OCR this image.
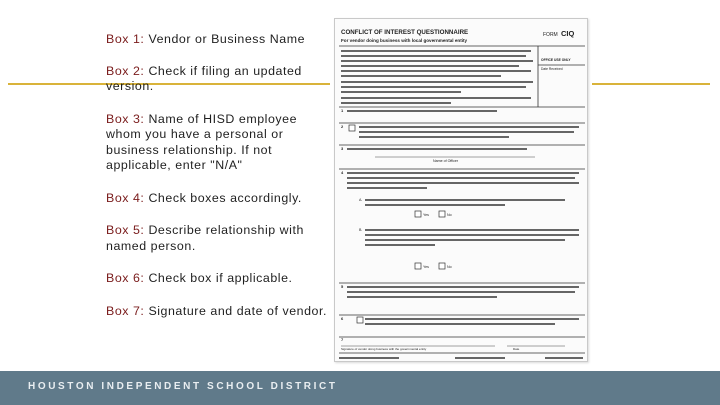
Box 1: Vendor or Business Name

Box 2: Check if filing an updated version.

Box 3: Name of HISD employee whom you have a personal or business relationship. If not applicable, enter "N/A"

Box 4: Check boxes accordingly.

Box 5: Describe relationship with named person.

Box 6: Check box if applicable.

Box 7: Signature and date of vendor.

CONFLICT OF INTEREST QUESTIONNAIRE
For vendor doing business with local governmental entity
FORM CIQ
OFFICE USE ONLY
Date Received
1
2
3
4
5
6
7
A.
B.
Yes	No
Yes	No
Name of Officer
Signature of vendor doing business with the governmental entity	Date
HOUSTON INDEPENDENT SCHOOL DISTRICT
